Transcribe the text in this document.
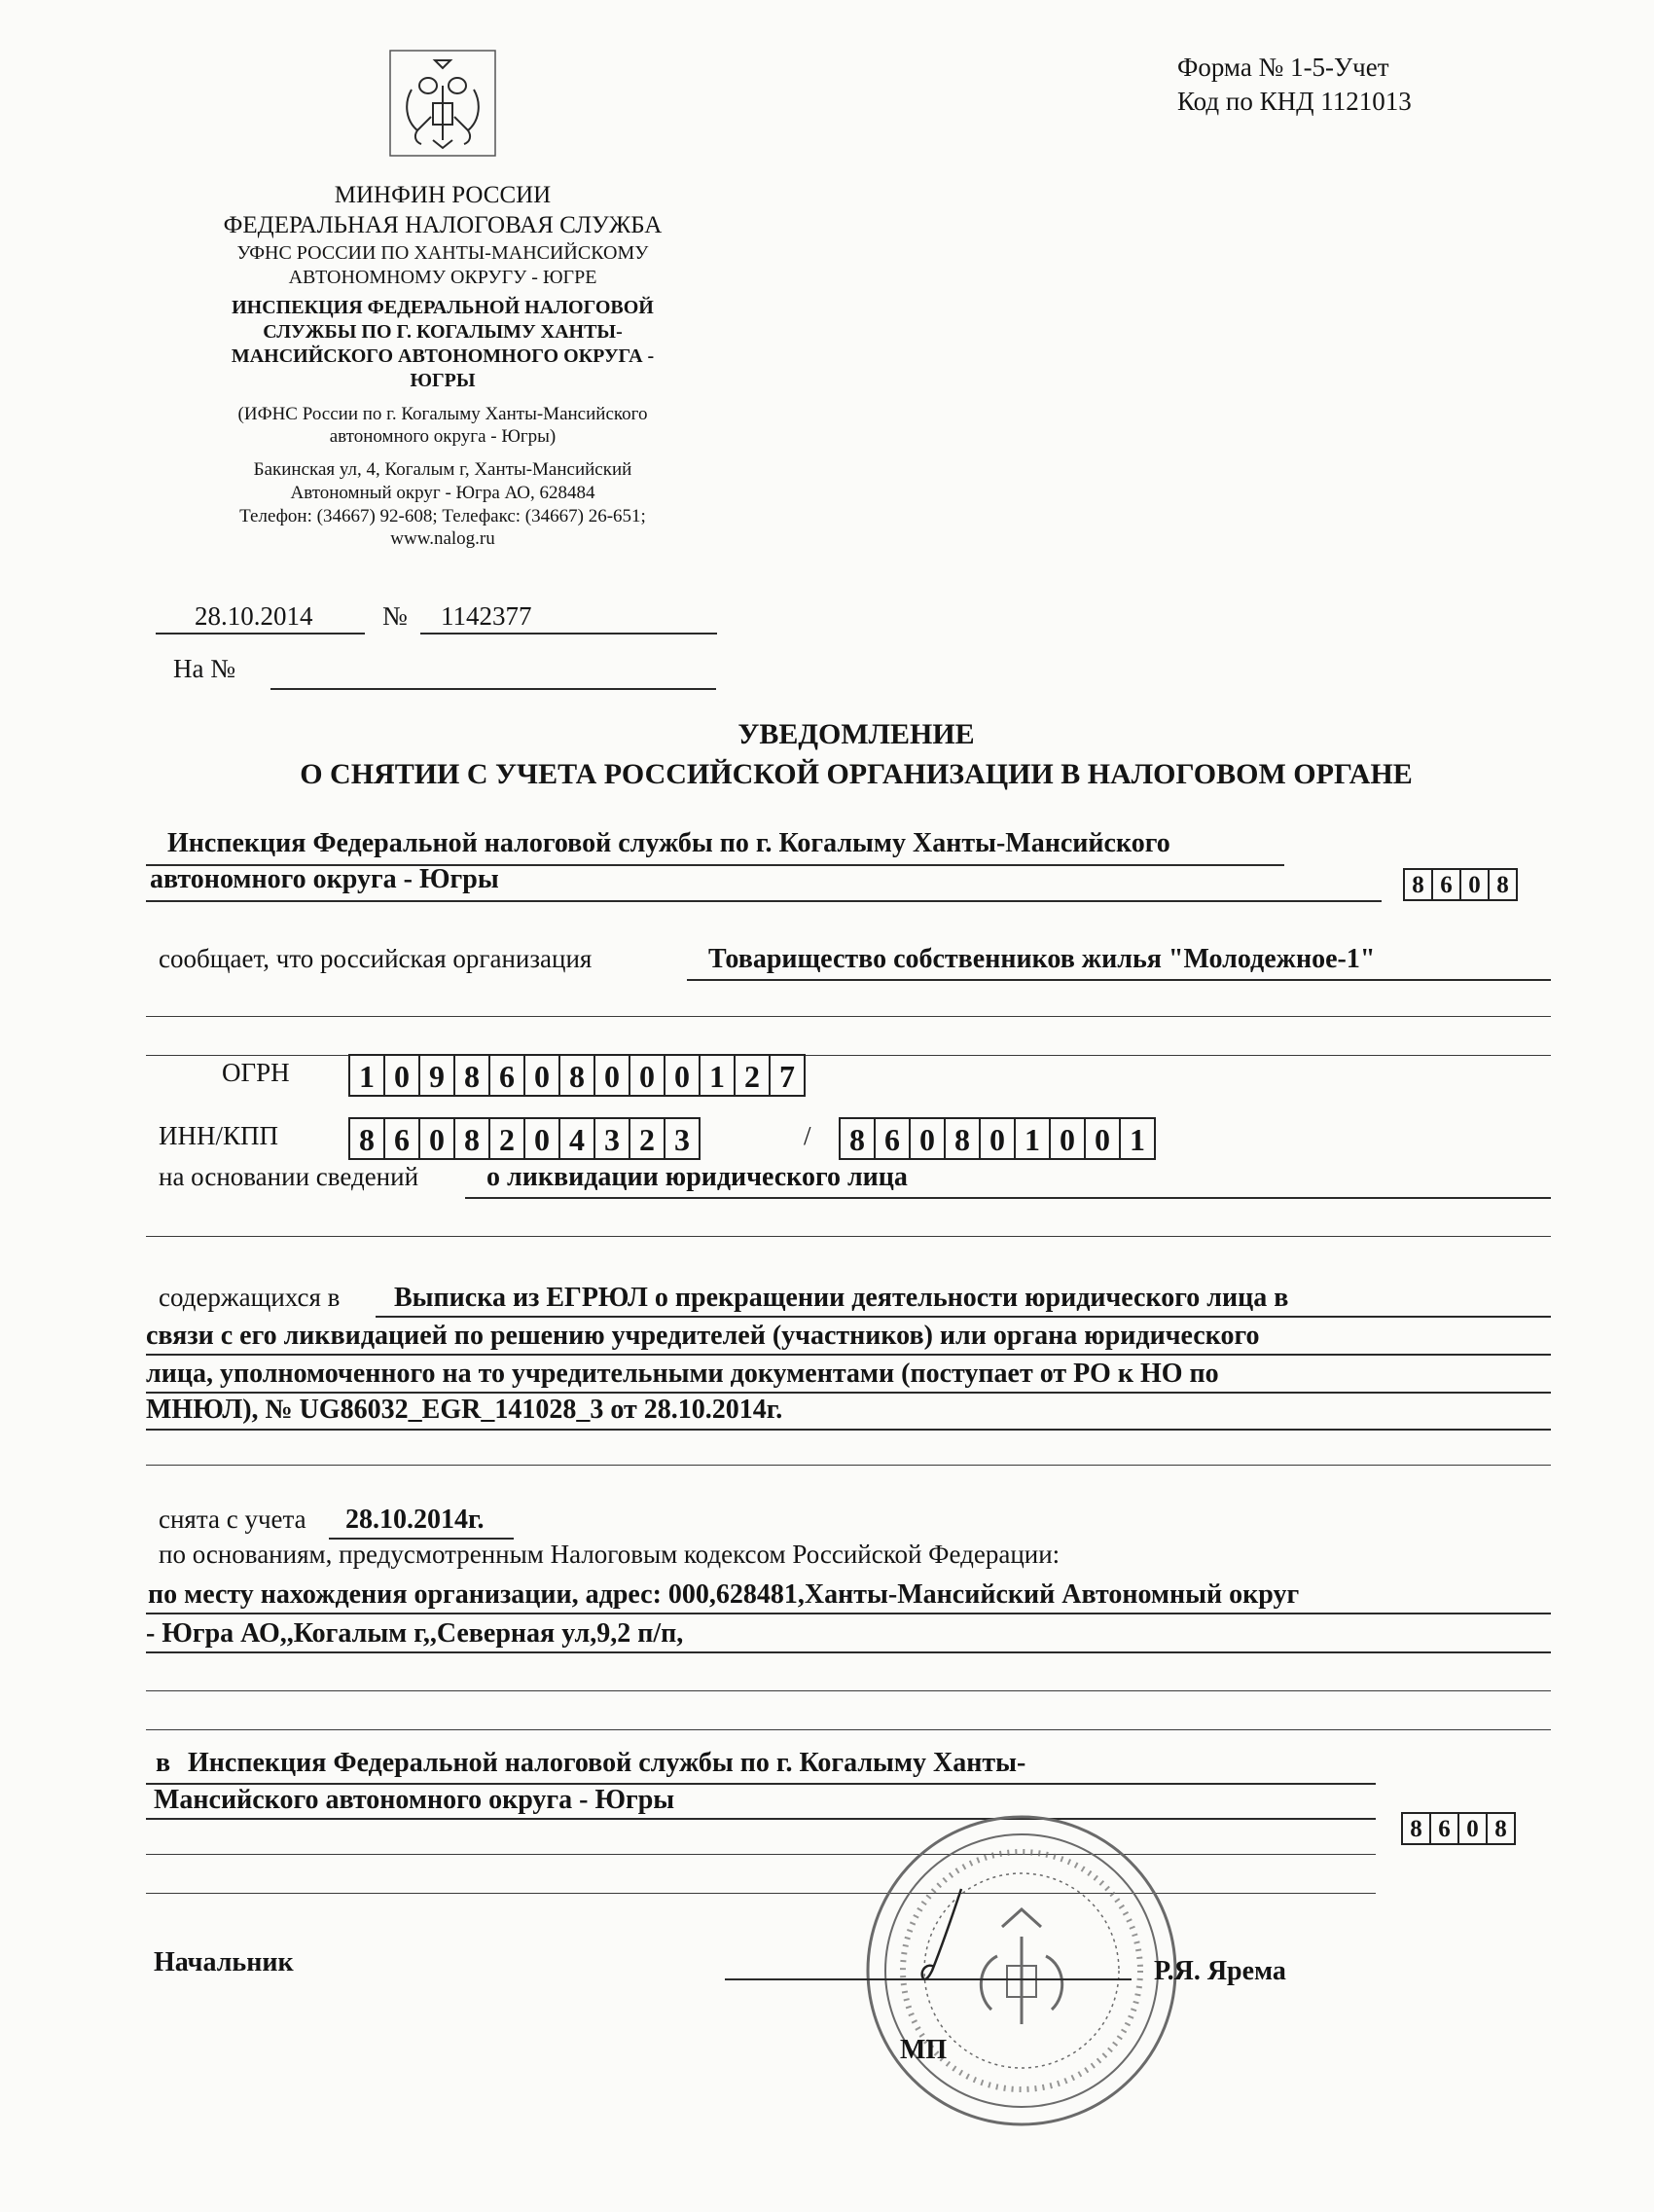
Форма № 1-5-Учет
Код по КНД 1121013
МИНФИН РОССИИ
ФЕДЕРАЛЬНАЯ НАЛОГОВАЯ СЛУЖБА
УФНС РОССИИ ПО ХАНТЫ-МАНСИЙСКОМУ
АВТОНОМНОМУ ОКРУГУ - ЮГРЕ
ИНСПЕКЦИЯ ФЕДЕРАЛЬНОЙ НАЛОГОВОЙ
СЛУЖБЫ ПО Г. КОГАЛЫМУ ХАНТЫ-
МАНСИЙСКОГО АВТОНОМНОГО ОКРУГА -
ЮГРЫ
(ИФНС России по г. Когалыму Ханты-Мансийского
автономного округа - Югры)
Бакинская ул, 4, Когалым г, Ханты-Мансийский
Автономный округ - Югра АО, 628484
Телефон: (34667) 92-608; Телефакс: (34667) 26-651;
www.nalog.ru
28.10.2014	№ 1142377
На №
УВЕДОМЛЕНИЕ
О СНЯТИИ С УЧЕТА РОССИЙСКОЙ ОРГАНИЗАЦИИ В НАЛОГОВОМ ОРГАНЕ
Инспекция Федеральной налоговой службы по г. Когалыму Ханты-Мансийского
автономного округа - Югры	8 6 0 8
сообщает, что российская организация	Товарищество собственников жилья "Молодежное-1"
ОГРН 1 0 9 8 6 0 8 0 0 0 1 2 7
ИНН/КПП	8 6 0 8 2 0 4 3 2 3	/ 8 6 0 8 0 1 0 0 1
на основании сведений о ликвидации юридического лица
содержащихся в Выписка из ЕГРЮЛ о прекращении деятельности юридического лица в
связи с его ликвидацией по решению учредителей (участников) или органа юридического
лица, уполномоченного на то учредительными документами (поступает от РО к НО по
МНЮЛ), № UG86032_EGR_141028_3 от 28.10.2014г.
снята с учета 28.10.2014г.
по основаниям, предусмотренным Налоговым кодексом Российской Федерации:
по месту нахождения организации, адрес: 000,628481,Ханты-Мансийский Автономный округ
- Югра АО,,Когалым г,,Северная ул,9,2 п/п,
в Инспекция Федеральной налоговой службы по г. Когалыму Ханты-
Мансийского автономного округа - Югры
8 6 0 8
Начальник	Р.Я. Ярема
МП
